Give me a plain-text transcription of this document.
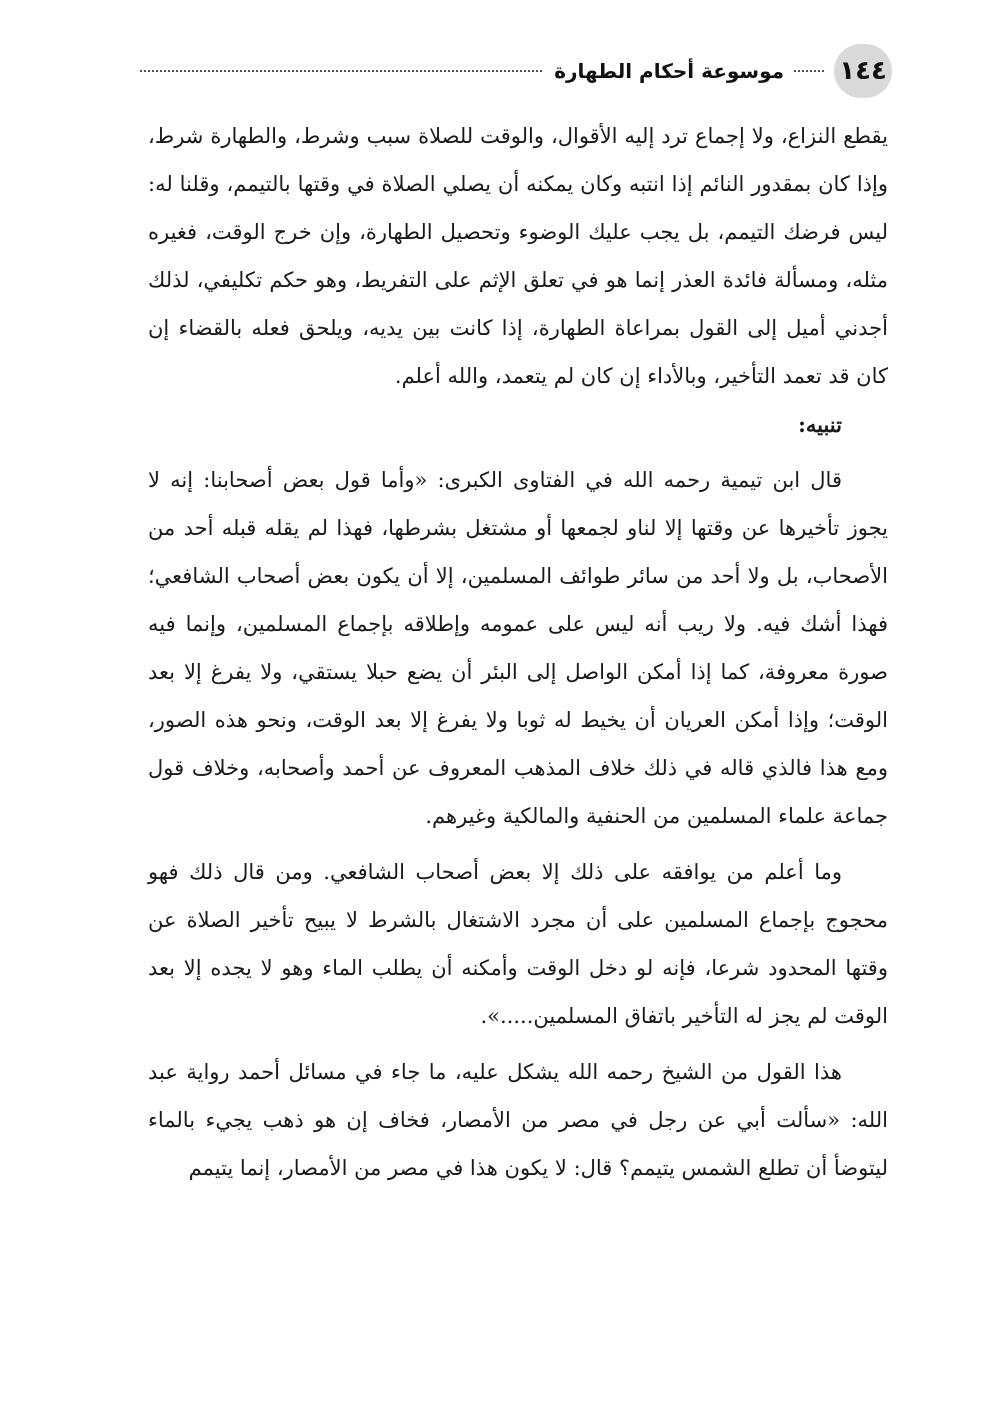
١٤٤
موسوعة أحكام الطهارة

يقطع النزاع، ولا إجماع ترد إليه الأقوال، والوقت للصلاة سبب وشرط، والطهارة شرط، وإذا كان بمقدور النائم إذا انتبه وكان يمكنه أن يصلي الصلاة في وقتها بالتيمم، وقلنا له: ليس فرضك التيمم، بل يجب عليك الوضوء وتحصيل الطهارة، وإن خرج الوقت، فغيره مثله، ومسألة فائدة العذر إنما هو في تعلق الإثم على التفريط، وهو حكم تكليفي، لذلك أجدني أميل إلى القول بمراعاة الطهارة، إذا كانت بين يديه، ويلحق فعله بالقضاء إن كان قد تعمد التأخير، وبالأداء إن كان لم يتعمد، والله أعلم.

تنبيه:

قال ابن تيمية رحمه الله في الفتاوى الكبرى: «وأما قول بعض أصحابنا: إنه لا يجوز تأخيرها عن وقتها إلا لناو لجمعها أو مشتغل بشرطها، فهذا لم يقله قبله أحد من الأصحاب، بل ولا أحد من سائر طوائف المسلمين، إلا أن يكون بعض أصحاب الشافعي؛ فهذا أشك فيه. ولا ريب أنه ليس على عمومه وإطلاقه بإجماع المسلمين، وإنما فيه صورة معروفة، كما إذا أمكن الواصل إلى البئر أن يضع حبلا يستقي، ولا يفرغ إلا بعد الوقت؛ وإذا أمكن العريان أن يخيط له ثوبا ولا يفرغ إلا بعد الوقت، ونحو هذه الصور، ومع هذا فالذي قاله في ذلك خلاف المذهب المعروف عن أحمد وأصحابه، وخلاف قول جماعة علماء المسلمين من الحنفية والمالكية وغيرهم.

وما أعلم من يوافقه على ذلك إلا بعض أصحاب الشافعي. ومن قال ذلك فهو محجوج بإجماع المسلمين على أن مجرد الاشتغال بالشرط لا يبيح تأخير الصلاة عن وقتها المحدود شرعا، فإنه لو دخل الوقت وأمكنه أن يطلب الماء وهو لا يجده إلا بعد الوقت لم يجز له التأخير باتفاق المسلمين.....».

هذا القول من الشيخ رحمه الله يشكل عليه، ما جاء في مسائل أحمد رواية عبد الله: «سألت أبي عن رجل في مصر من الأمصار، فخاف إن هو ذهب يجيء بالماء ليتوضأ أن تطلع الشمس يتيمم؟ قال: لا يكون هذا في مصر من الأمصار، إنما يتيمم
